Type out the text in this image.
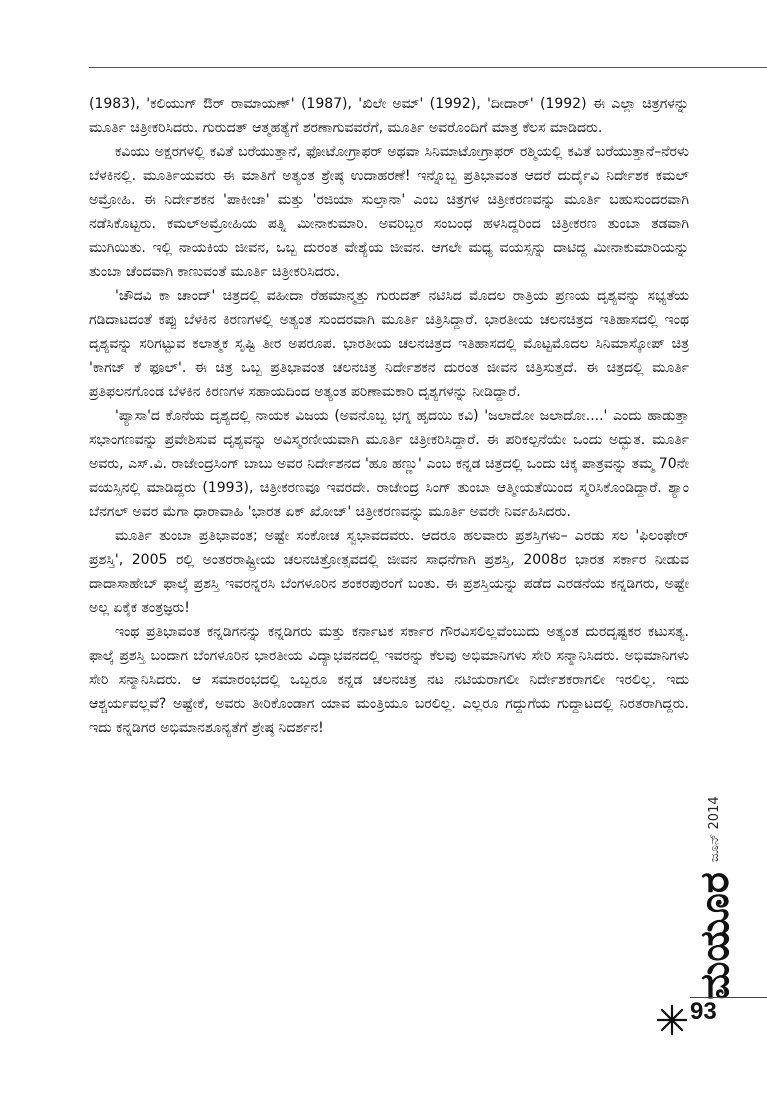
(1983), 'ಕಲಿಯುಗ್ ಔರ್ ರಾಮಾಯಣ್' (1987), 'ಖಿಲೇ ಅಮ್' (1992), 'ದೀದಾರ್' (1992) ಈ ಎಲ್ಲಾ ಚಿತ್ರಗಳನ್ನು ಮೂರ್ತಿ ಚಿತ್ರೀಕರಿಸಿದರು. ಗುರುದತ್ ಆತ್ಮಹತ್ಯೆಗೆ ಶರಣಾಗುವವರೆಗೆ, ಮೂರ್ತಿ ಅವರೊಂದಿಗೆ ಮಾತ್ರ ಕೆಲಸ ಮಾಡಿದರು.

ಕವಿಯು ಅಕ್ಷರಗಳಲ್ಲಿ ಕವಿತೆ ಬರೆಯುತ್ತಾನೆ, ಫೋಟೋಗ್ರಾಫರ್ ಅಥವಾ ಸಿನಿಮಾಟೋಗ್ರಾಫರ್ ರಶ್ಮಿಯಲ್ಲಿ ಕವಿತೆ ಬರೆಯುತ್ತಾನೆ–ನೆರಳು ಬೆಳಕಿನಲ್ಲಿ. ಮೂರ್ತಿಯವರು ಈ ಮಾತಿಗೆ ಅತ್ಯಂತ ಶ್ರೇಷ್ಠ ಉದಾಹರಣೆ! ಇನ್ನೊಬ್ಬ ಪ್ರತಿಭಾವಂತ ಆದರೆ ದುರ್ದೈವಿ ನಿರ್ದೇಶಕ ಕಮಲ್ ಅಮ್ರೋಹಿ. ಈ ನಿರ್ದೇಶಕನ 'ಪಾಕೀಜಾ' ಮತ್ತು 'ರಜಿಯಾ ಸುಲ್ತಾನಾ' ಎಂಬ ಚಿತ್ರಗಳ ಚಿತ್ರೀಕರಣವನ್ನು ಮೂರ್ತಿ ಬಹುಸುಂದರವಾಗಿ ನಡೆಸಿಕೊಟ್ಟರು. ಕಮಲ್‌ಅಮ್ರೋಹಿಯ ಪತ್ನಿ ಮೀನಾಕುಮಾರಿ. ಅವರಿಬ್ಬರ ಸಂಬಂಧ ಹಳಸಿದ್ದರಿಂದ ಚಿತ್ರೀಕರಣ ತುಂಬಾ ತಡವಾಗಿ ಮುಗಿಯಿತು. ಇಲ್ಲಿ ನಾಯಕಿಯ ಜೀವನ, ಒಬ್ಬ ದುರಂತ ವೇಶ್ಯೆಯ ಜೀವನ. ಆಗಲೇ ಮಧ್ಯ ವಯಸ್ಸನ್ನು ದಾಟಿದ್ದ ಮೀನಾಕುಮಾರಿಯನ್ನು ತುಂಬಾ ಚೆಂದವಾಗಿ ಕಾಣುವಂತೆ ಮೂರ್ತಿ ಚಿತ್ರೀಕರಿಸಿದರು.

'ಚೌದವಿ ಕಾ ಚಾಂದ್' ಚಿತ್ರದಲ್ಲಿ ವಹೀದಾ ರೆಹಮಾನ್ಮತ್ತು ಗುರುದತ್ ನಟಿಸಿದ ಮೊದಲ ರಾತ್ರಿಯ ಪ್ರಣಯ ದೃಶ್ಯವನ್ನು ಸಭ್ಯತೆಯ ಗಡಿದಾಟದಂತೆ ಕಪ್ಪು ಬೆಳಕಿನ ಕಿರಣಗಳಲ್ಲಿ ಅತ್ಯಂತ ಸುಂದರವಾಗಿ ಮೂರ್ತಿ ಚಿತ್ರಿಸಿದ್ದಾರೆ. ಭಾರತೀಯ ಚಲನಚಿತ್ರದ ಇತಿಹಾಸದಲ್ಲಿ ಇಂಥ ದೃಶ್ಯವನ್ನು ಸರಿಗಟ್ಟುವ ಕಲಾತ್ಮಕ ಸೃಷ್ಟಿ ತೀರ ಅಪರೂಪ. ಭಾರತೀಯ ಚಲನಚಿತ್ರದ ಇತಿಹಾಸದಲ್ಲಿ ಮೊಟ್ಟಮೊದಲ ಸಿನಿಮಾಸ್ಕೋಪ್ ಚಿತ್ರ 'ಕಾಗಜ್ ಕೆ ಫೂಲ್'. ಈ ಚಿತ್ರ ಒಬ್ಬ ಪ್ರತಿಭಾವಂತ ಚಲನಚಿತ್ರ ನಿರ್ದೇಶಕನ ದುರಂತ ಜೀವನ ಚಿತ್ರಿಸುತ್ತದೆ. ಈ ಚಿತ್ರದಲ್ಲಿ ಮೂರ್ತಿ ಪ್ರತಿಫಲನಗೊಂಡ ಬೆಳಕಿನ ಕಿರಣಗಳ ಸಹಾಯದಿಂದ ಅತ್ಯಂತ ಪರಿಣಾಮಕಾರಿ ದೃಶ್ಯಗಳನ್ನು ನೀಡಿದ್ದಾರೆ.

'ಪ್ಯಾಸಾ'ದ ಕೊನೆಯ ದೃಶ್ಯದಲ್ಲಿ ನಾಯಕ ವಿಜಯ (ಅವನೊಬ್ಬ ಭಗ್ನ ಹೃದಯಿ ಕವಿ) 'ಜಲಾದೋ ಜಲಾದೋ....' ಎಂದು ಹಾಡುತ್ತಾ ಸಭಾಂಗಣವನ್ನು ಪ್ರವೇಶಿಸುವ ದೃಶ್ಯವನ್ನು ಅವಿಸ್ಮರಣೀಯವಾಗಿ ಮೂರ್ತಿ ಚಿತ್ರೀಕರಿಸಿದ್ದಾರೆ. ಈ ಪರಿಕಲ್ಪನೆಯೇ ಒಂದು ಅದ್ಭುತ. ಮೂರ್ತಿ ಅವರು, ಎಸ್.ವಿ. ರಾಜೇಂದ್ರಸಿಂಗ್ ಬಾಬು ಅವರ ನಿರ್ದೇಶನದ 'ಹೂ ಹಣ್ಣು' ಎಂಬ ಕನ್ನಡ ಚಿತ್ರದಲ್ಲಿ ಒಂದು ಚಿಕ್ಕ ಪಾತ್ರವನ್ನು ತಮ್ಮ 70ನೇ ವಯಸ್ಸಿನಲ್ಲಿ ಮಾಡಿದ್ದರು (1993), ಚಿತ್ರೀಕರಣವೂ ಇವರದೇ. ರಾಜೇಂದ್ರ ಸಿಂಗ್ ತುಂಬಾ ಆತ್ಮೀಯತೆಯಿಂದ ಸ್ಮರಿಸಿಕೊಂಡಿದ್ದಾರೆ. ಶ್ಯಾಂ ಬೆನಗಲ್ ಅವರ ಮೆಗಾ ಧಾರಾವಾಹಿ 'ಭಾರತ ಏಕ್ ಖೋಜ್' ಚಿತ್ರೀಕರಣವನ್ನು ಮೂರ್ತಿ ಅವರೇ ನಿರ್ವಹಿಸಿದರು.

ಮೂರ್ತಿ ತುಂಬಾ ಪ್ರತಿಭಾವಂತ; ಅಷ್ಟೇ ಸಂಕೋಚ ಸ್ವಭಾವದವರು. ಆದರೂ ಹಲವಾರು ಪ್ರಶಸ್ತಿಗಳು– ಎರಡು ಸಲ 'ಫಿಲಂಫೇರ್ ಪ್ರಶಸ್ತಿ', 2005 ರಲ್ಲಿ ಅಂತರರಾಷ್ಟ್ರೀಯ ಚಲನಚಿತ್ರೋತ್ಸವದಲ್ಲಿ ಜೀವನ ಸಾಧನೆಗಾಗಿ ಪ್ರಶಸ್ತಿ, 2008ರ ಭಾರತ ಸರ್ಕಾರ ನೀಡುವ ದಾದಾಸಾಹೇಬ್ ಫಾಲ್ಕೆ ಪ್ರಶಸ್ತಿ ಇವರನ್ನರಸಿ ಬೆಂಗಳೂರಿನ ಶಂಕರಪುರಂಗೆ ಬಂತು. ಈ ಪ್ರಶಸ್ತಿಯನ್ನು ಪಡೆದ ಎರಡನೆಯ ಕನ್ನಡಿಗರು, ಅಷ್ಟೇ ಅಲ್ಲ ಏಕೈಕ ತಂತ್ರಜ್ಞರು!

ಇಂಥ ಪ್ರತಿಭಾವಂತ ಕನ್ನಡಿಗನನ್ನು ಕನ್ನಡಿಗರು ಮತ್ತು ಕರ್ನಾಟಕ ಸರ್ಕಾರ ಗೌರವಿಸಲಿಲ್ಲವೆಂಬುದು ಅತ್ಯಂತ ದುರದೃಷ್ಟಕರ ಕಟುಸತ್ಯ. ಫಾಲ್ಕೆ ಪ್ರಶಸ್ತಿ ಬಂದಾಗ ಬೆಂಗಳೂರಿನ ಭಾರತೀಯ ವಿದ್ಯಾಭವನದಲ್ಲಿ ಇವರನ್ನು ಕೆಲವು ಅಭಿಮಾನಿಗಳು ಸೇರಿ ಸನ್ಮಾನಿಸಿದರು. ಅಭಿಮಾನಿಗಳು ಸೇರಿ ಸನ್ಮಾನಿಸಿದರು. ಆ ಸಮಾರಂಭದಲ್ಲಿ ಒಬ್ಬರೂ ಕನ್ನಡ ಚಲನಚಿತ್ರ ನಟ ನಟಿಯರಾಗಲೀ ನಿರ್ದೇಶಕರಾಗಲೀ ಇರಲಿಲ್ಲ. ಇದು ಆಶ್ಚರ್ಯವಲ್ಲವೆ? ಅಷ್ಟೇಕೆ, ಅವರು ತೀರಿಕೊಂಡಾಗ ಯಾವ ಮಂತ್ರಿಯೂ ಬರಲಿಲ್ಲ. ಎಲ್ಲರೂ ಗದ್ದುಗೆಯ ಗುದ್ದಾಟದಲ್ಲಿ ನಿರತರಾಗಿದ್ದರು. ಇದು ಕನ್ನಡಿಗರ ಅಭಿಮಾನಶೂನ್ಯತೆಗೆ ಶ್ರೇಷ್ಠ ನಿದರ್ಶನ!

ಮಯೂರ
ಜೂನ್ 2014
93
